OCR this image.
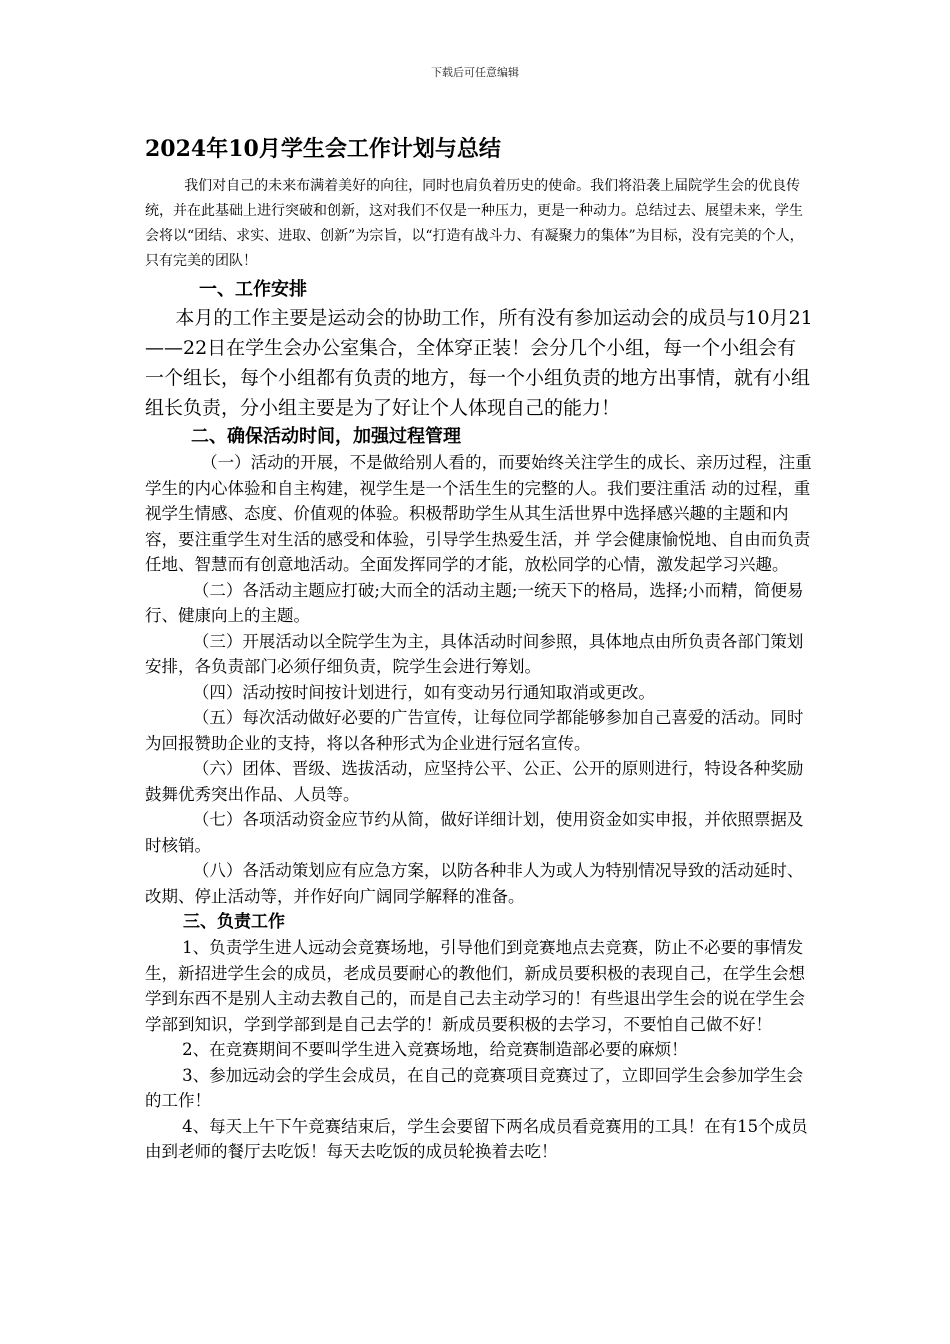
下载后可任意编辑
2024年10月学生会工作计划与总结

我们对自己的未来布满着美好的向往，同时也肩负着历史的使命。我们将沿袭上届院学生会的优良传统，并在此基础上进行突破和创新，这对我们不仅是一种压力，更是一种动力。总结过去、展望未来，学生会将以“团结、求实、进取、创新”为宗旨，以“打造有战斗力、有凝聚力的集体”为目标，没有完美的个人，只有完美的团队！

一、工作安排

本月的工作主要是运动会的协助工作，所有没有参加运动会的成员与10月21——22日在学生会办公室集合，全体穿正装！会分几个小组，每一个小组会有一个组长，每个小组都有负责的地方，每一个小组负责的地方出事情，就有小组组长负责，分小组主要是为了好让个人体现自己的能力！

二、确保活动时间，加强过程管理

（一）活动的开展，不是做给别人看的，而要始终关注学生的成长、亲历过程，注重学生的内心体验和自主构建，视学生是一个活生生的完整的人。我们要注重活 动的过程，重视学生情感、态度、价值观的体验。积极帮助学生从其生活世界中选择感兴趣的主题和内容，要注重学生对生活的感受和体验，引导学生热爱生活，并 学会健康愉悦地、自由而负责任地、智慧而有创意地活动。全面发挥同学的才能，放松同学的心情，激发起学习兴趣。

（二）各活动主题应打破;大而全的活动主题;一统天下的格局，选择;小而精，简便易行、健康向上的主题。

（三）开展活动以全院学生为主，具体活动时间参照，具体地点由所负责各部门策划安排，各负责部门必须仔细负责，院学生会进行筹划。

（四）活动按时间按计划进行，如有变动另行通知取消或更改。

（五）每次活动做好必要的广告宣传，让每位同学都能够参加自己喜爱的活动。同时为回报赞助企业的支持，将以各种形式为企业进行冠名宣传。

（六）团体、晋级、选拔活动，应坚持公平、公正、公开的原则进行，特设各种奖励鼓舞优秀突出作品、人员等。

（七）各项活动资金应节约从简，做好详细计划，使用资金如实申报，并依照票据及时核销。

（八）各活动策划应有应急方案，以防各种非人为或人为特别情况导致的活动延时、改期、停止活动等，并作好向广阔同学解释的准备。

三、负责工作

1、负责学生进人远动会竞赛场地，引导他们到竞赛地点去竞赛，防止不必要的事情发生，新招进学生会的成员，老成员要耐心的教他们，新成员要积极的表现自己，在学生会想学到东西不是别人主动去教自己的，而是自己去主动学习的！有些退出学生会的说在学生会学部到知识，学到学部到是自己去学的！新成员要积极的去学习，不要怕自己做不好！

2、在竞赛期间不要叫学生进入竞赛场地，给竞赛制造部必要的麻烦！

3、参加远动会的学生会成员，在自己的竞赛项目竞赛过了，立即回学生会参加学生会的工作！

4、每天上午下午竞赛结束后，学生会要留下两名成员看竞赛用的工具！在有15个成员由到老师的餐厅去吃饭！每天去吃饭的成员轮换着去吃！
